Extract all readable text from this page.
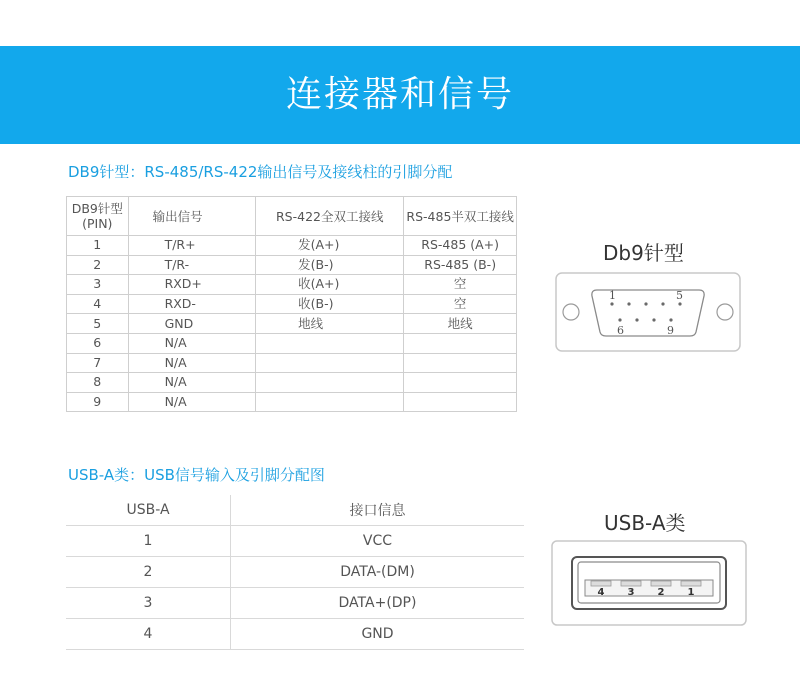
连接器和信号
DB9针型：RS-485/RS-422输出信号及接线柱的引脚分配
DB9针型
(PIN)	输出信号	RS-422全双工接线	RS-485半双工接线
1	T/R+	发(A+)	RS-485 (A+)
2	T/R-	发(B-)	RS-485 (B-)
3	RXD+	收(A+)	空
4	RXD-	收(B-)	空
5	GND	地线	地线
6	N/A		
7	N/A		
8	N/A		
9	N/A		
Db9针型
1	5
6	9
USB-A类：USB信号输入及引脚分配图
USB-A	接口信息
1	VCC
2	DATA-(DM)
3	DATA+(DP)
4	GND
USB-A类
4 3 2 1
